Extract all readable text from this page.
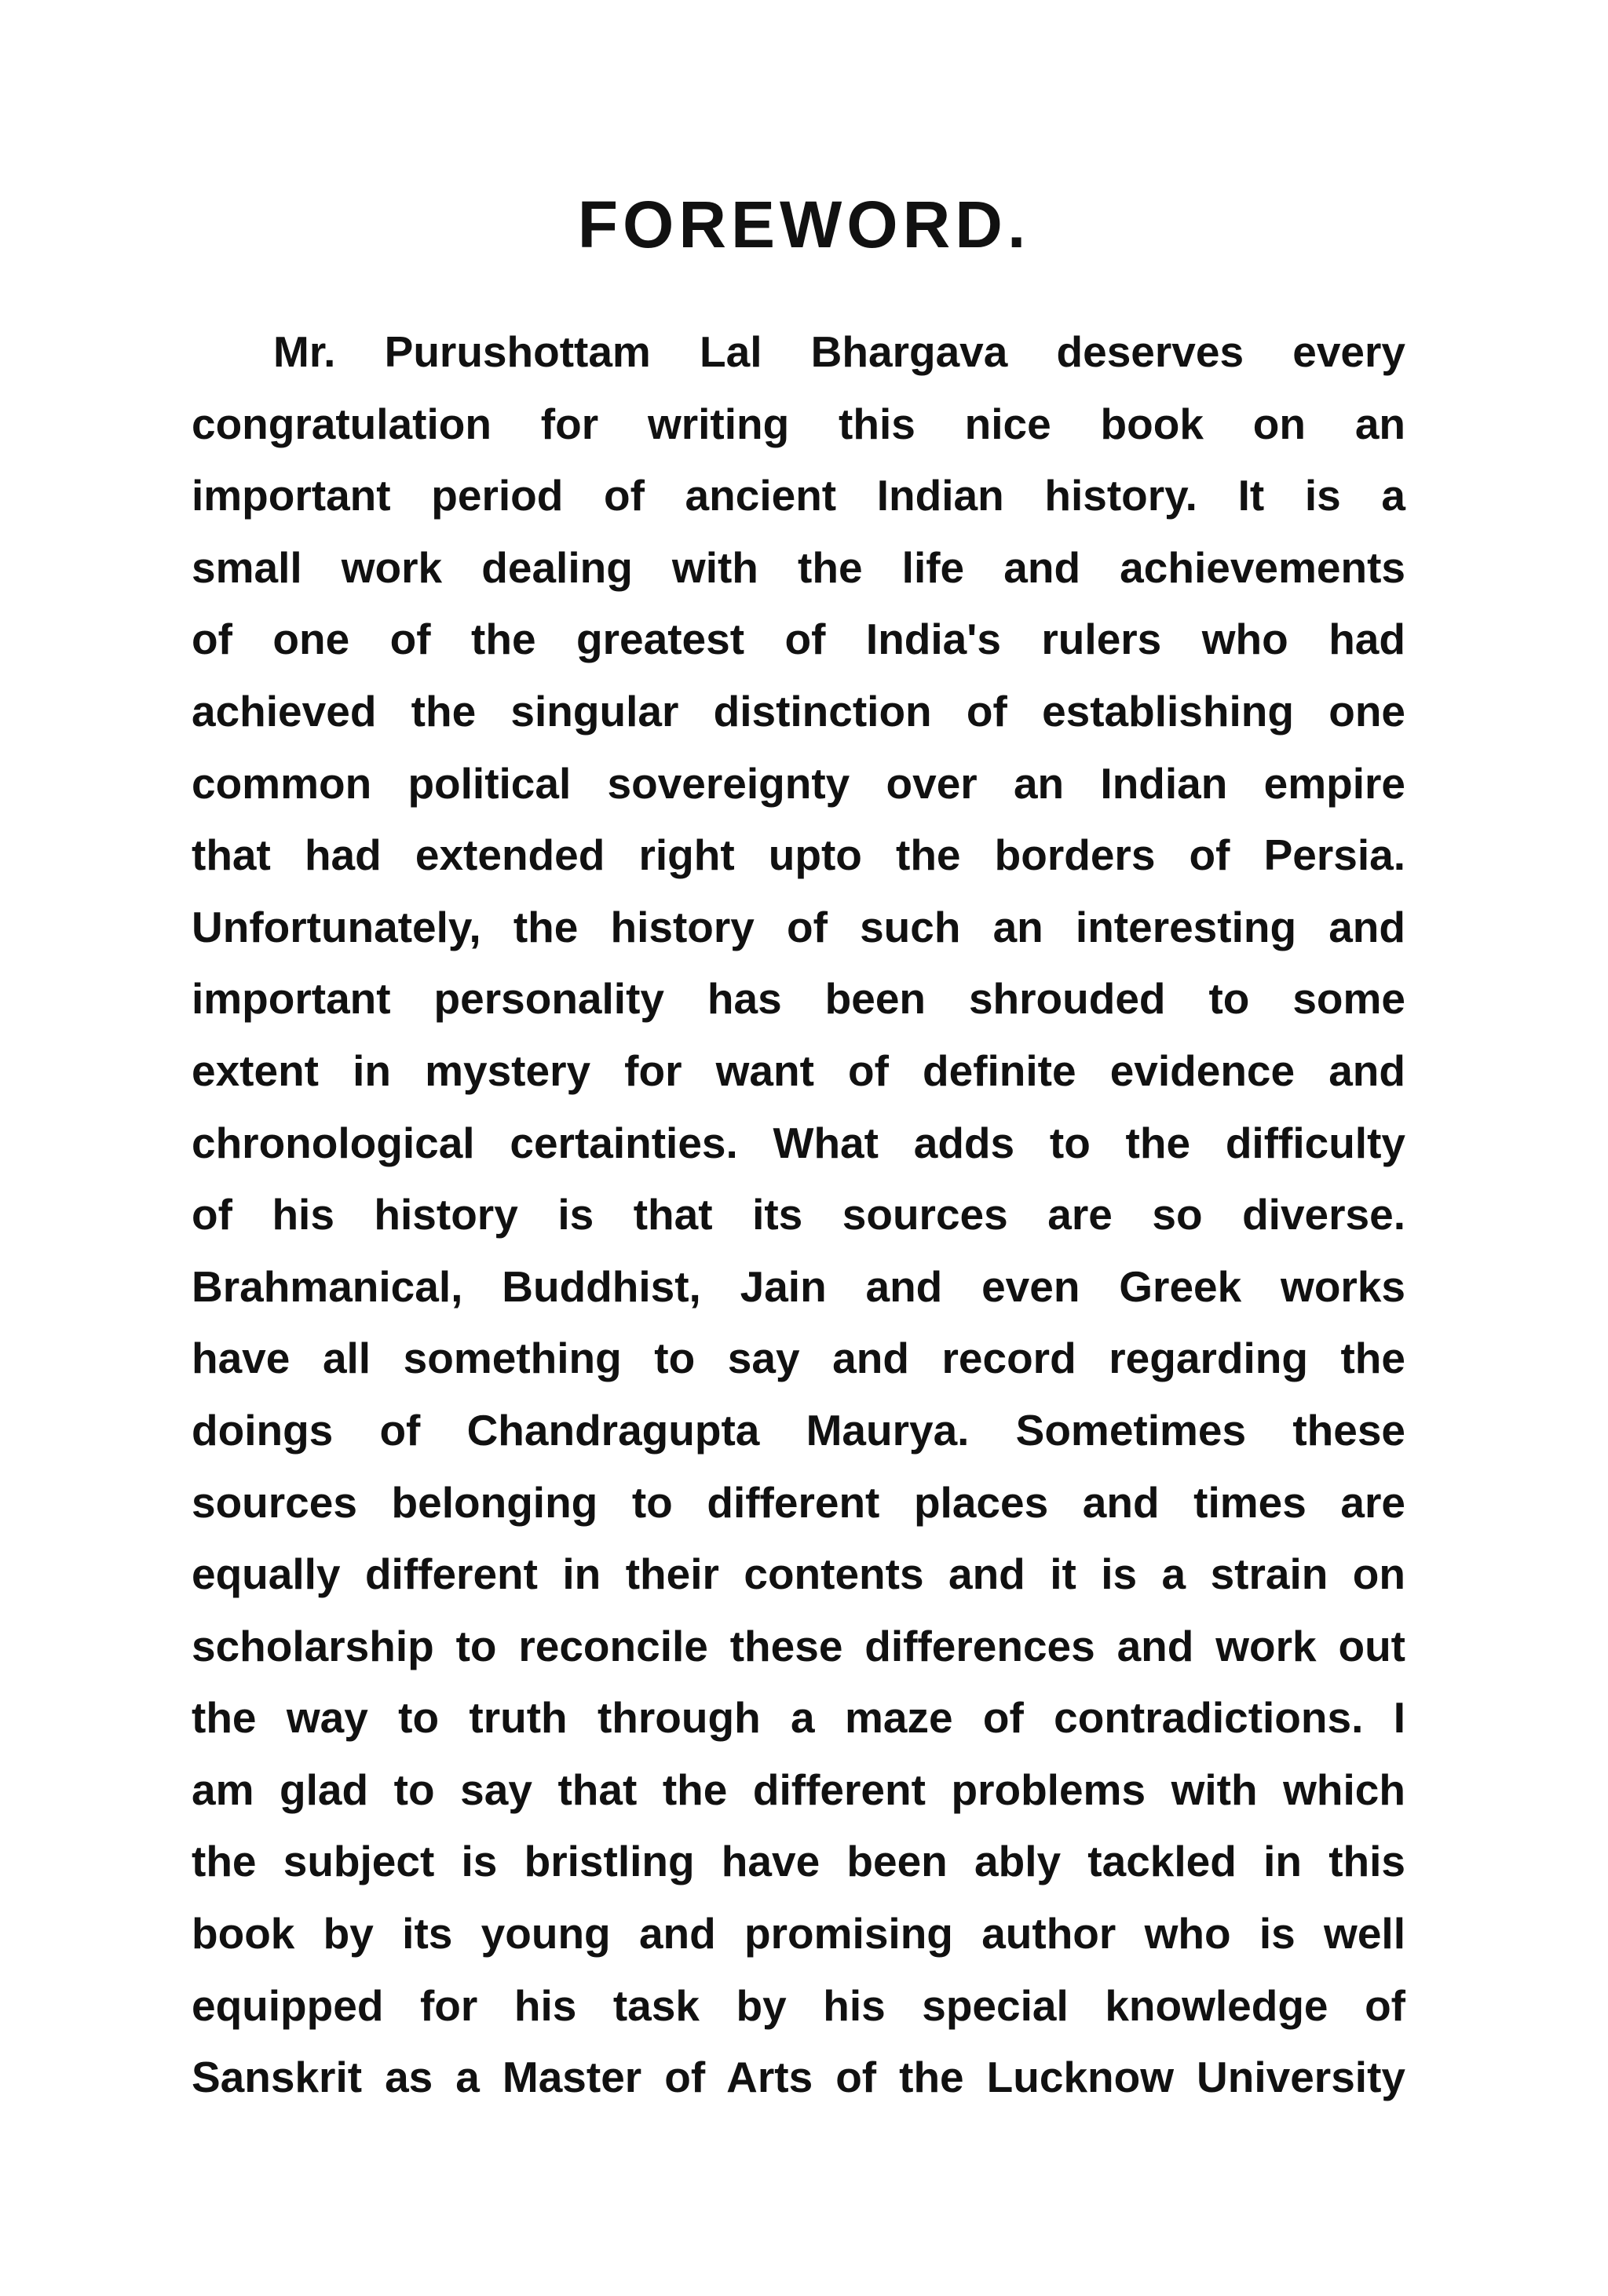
FOREWORD.
Mr. Purushottam Lal Bhargava deserves every
congratulation for writing this nice book on an
important period of ancient Indian history. It is a
small work dealing with the life and achievements
of one of the greatest of India's rulers who had
achieved the singular distinction of establishing one
common political sovereignty over an Indian empire
that had extended right upto the borders of Persia.
Unfortunately, the history of such an interesting and
important personality has been shrouded to some
extent in mystery for want of definite evidence and
chronological certainties. What adds to the difficulty
of his history is that its sources are so diverse.
Brahmanical, Buddhist, Jain and even Greek works
have all something to say and record regarding the
doings of Chandragupta Maurya. Sometimes these
sources belonging to different places and times are
equally different in their contents and it is a strain on
scholarship to reconcile these differences and work out
the way to truth through a maze of contradictions. I
am glad to say that the different problems with which
the subject is bristling have been ably tackled in this
book by its young and promising author who is well
equipped for his task by his special knowledge of
Sanskrit as a Master of Arts of the Lucknow University
